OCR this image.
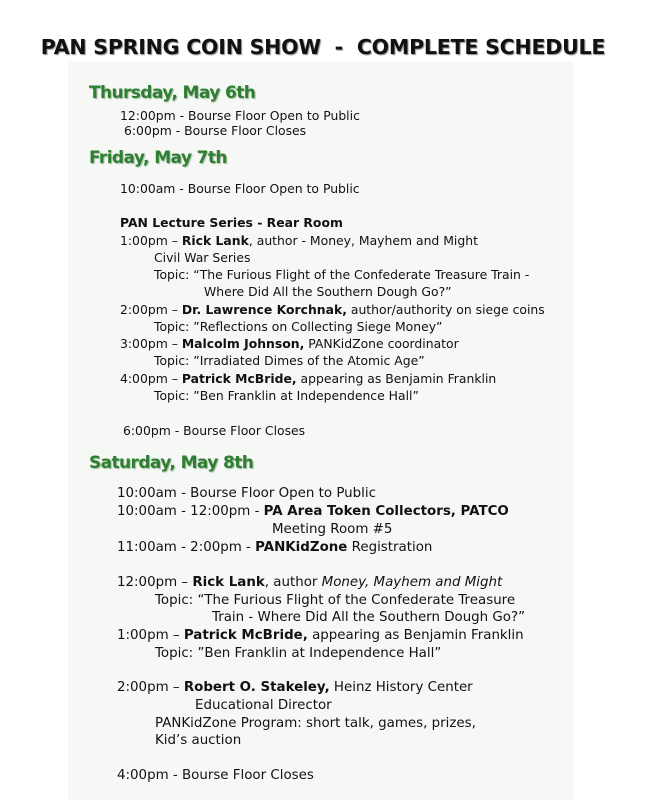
PAN SPRING COIN SHOW  -  COMPLETE SCHEDULE
Thursday, May 6th
12:00pm - Bourse Floor Open to Public
6:00pm - Bourse Floor Closes
Friday, May 7th
10:00am - Bourse Floor Open to Public
PAN Lecture Series - Rear Room
1:00pm – Rick Lank, author - Money, Mayhem and Might
Civil War Series
Topic: “The Furious Flight of the Confederate Treasure Train -
Where Did All the Southern Dough Go?”
2:00pm – Dr. Lawrence Korchnak, author/authority on siege coins
Topic: ”Reflections on Collecting Siege Money”
3:00pm – Malcolm Johnson, PANKidZone coordinator
Topic: ”Irradiated Dimes of the Atomic Age”
4:00pm – Patrick McBride, appearing as Benjamin Franklin
Topic: ”Ben Franklin at Independence Hall”
6:00pm - Bourse Floor Closes
Saturday, May 8th
10:00am - Bourse Floor Open to Public
10:00am - 12:00pm - PA Area Token Collectors, PATCO
Meeting Room #5
11:00am - 2:00pm - PANKidZone Registration
12:00pm – Rick Lank, author Money, Mayhem and Might
Topic: “The Furious Flight of the Confederate Treasure
Train - Where Did All the Southern Dough Go?”
1:00pm – Patrick McBride, appearing as Benjamin Franklin
Topic: ”Ben Franklin at Independence Hall”
2:00pm – Robert O. Stakeley, Heinz History Center
Educational Director
PANKidZone Program: short talk, games, prizes,
Kid’s auction
4:00pm - Bourse Floor Closes
